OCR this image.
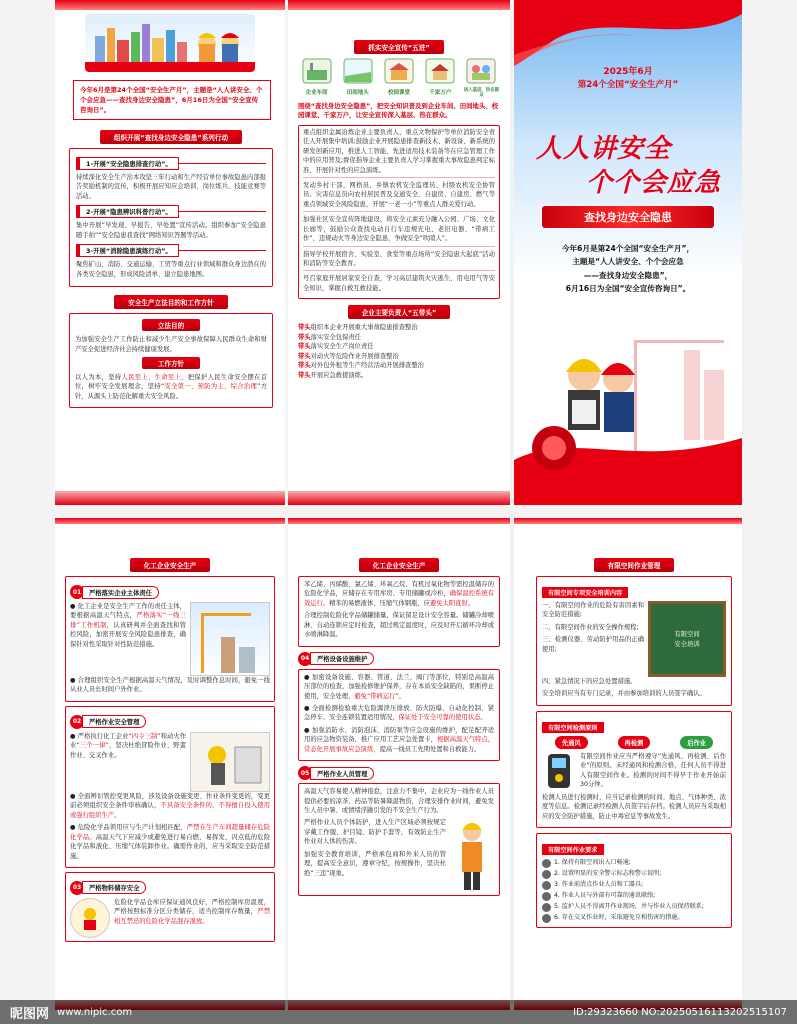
今年6月是第24个全国“安全生产月”，主题是“人人讲安全、个个会应急——查找身边安全隐患”，6月16日为全国“安全宣传咨询日”。
组织开展“查找身边安全隐患”系列行动
1-开展“安全隐患排查行动”。
持续深化安全生产治本攻坚三年行动和生产经营单位事故隐患内部报告奖励机制的宣传，积极开展应知应会培训、岗位练兵、技能竞赛等活动。
2-开展“隐患辨识科普行动”。
集中开展“早发现、早报告、早处置”宣传活动。组织参加“安全隐患随手拍”“安全隐患我查找”网络知识答题等活动。
3-开展“消除隐患演练行动”。
聚焦矿山、消防、交通运输、工贸等重点行业领域和群众身边潜在的各类安全隐患，形成风险清单、建立隐患地图。
安全生产立法目的和工作方针
立法目的
为加强安全生产工作防止和减少生产安全事故保障人民群众生命和财产安全促进经济社会持续健康发展。
工作方针
以人为本，坚持人民至上、生命至上，把保护人民生命安全摆在首位，树牢安全发展理念，坚持“安全第一、预防为主、综合治理”方针，从源头上防范化解重大安全风险。
抓实安全宣传“五进”
企业车间	田间地头	校园课堂	千家万户	进入基层、热在群众
围绕“查找身边安全隐患”，把安全知识普及到企业车间、田间地头、校园课堂、千家万户，让安全宣传深入基层、热在群众。
重点组织金属冶炼企业主要负责人、重点文物保护等单位消防安全责任人开展集中培训;鼓励企业开展隐患排查新技术、新设备、新系统的研发创新应用，推进人工智能、先进适用技术装备等在应急管理工作中的应用普及;督促指导企业主要负责人学习掌握重大事故隐患判定标准，开展针对性的应急演练。
发动乡村干部、网格员、乡镇农机安全监理员、村级农机安全协管员、灾害信息员向农村居民普及交通安全、自建房、自建房、燃气等重点领域安全风险隐患，开展“一老一小”等重点人群关爱行动。
加强社区安全宣传阵地建设，将安全元素充分融入公园、广场、文化长廊等，鼓励公众查找电动自行车违规充电、老旧电器、“带病工作”、违规动火等身边安全隐患，争做安全“吹哨人”。
指导学校开展宿舍、实验室、食堂等重点场所“安全隐患大起底”活动和消防等安全教育。
号召家庭开展居家安全自查，学习高层建筑火灾逃生、用电用气等安全知识，掌握自救互救技能。
企业主要负责人“五带头”
带头组织本企业开展重大事故隐患排查整治
带头落实安全包保责任
带头落实安全生产岗位责任
带头对动火等危险作业开展排查整治
带头对外包外租等生产经营活动开展排查整治
带头开展应急救援演练。
2025年6月
第24个全国“安全生产月”
人人讲安全
个个会应急
查找身边安全隐患
今年6月是第24个全国“安全生产月”，
主题是“人人讲安全、个个会应急
——查找身边安全隐患”，
6月16日为全国“安全宣传咨询日”。
化工企业安全生产
01	严格落实企业主体责任
● 化工企业是安全生产工作的责任主体，要根据高温天气特点，严格落实“一线三排”工作机制，认真研判并全面查找和管控风险，加密开展安全风险隐患排查，确保针对性采取针对性防范措施。
● 合理组织安全生产根据高温天气情况，及时调整作息时间，避免一线从业人员长时间户外作业。
02	严格作业安全管理
● 严格执行化工企业“四令三制”和动火作业“三个一律”，坚决杜绝冒险作业、野蛮作业、交叉作业。
● 全面辨识管控变更风险，涉及设备设施变更、作业条件变更的，变更前必须组织安全条件审核确认，不具备安全条件的，不得擅自投入使用或强行组织生产。
● 危险化学品领用应与生产计划相匹配，严禁在生产车间超量储存危险化学品。高温天气下应减少或避免进行易自燃、易挥发、闪点低的危险化学品和液化、压缩气体装卸作业。确需作业的，应当采取安全防范措施。
03	严格物料储存安全
危险化学品仓库应保证通风良好，严格控制库房温度，严格按照标准分区分类储存，适当控制库存数量，严禁相互禁忌的危险化学品混存混放。
化工企业安全生产
苯乙烯、丙烯酸、氯乙烯、环氧乙烷、有机过氧化物等需控温储存的危险化学品，应储存在专用库房、专用储罐或冷柜，确保温控系统有效运行。精苯的易燃液体、压缩气体钢瓶，应避免太阳直射。
合理控制危险化学品储罐储量，保证留足设计安全容量。储罐冷却喷淋、自动连锁应定时检查，超过规定温度时，应及时开启循环冷却或水喷淋降温。
04	严格设备设施维护
● 加密设备设施、容器、管道、法兰、阀门等部位，特别是高温高压部位的检查，加强检修维护保养，存在本质安全缺陷的，果断停止使用，安全处理，避免“带病运行”。
● 全面检测检验重大危险源泄压排放、防火防爆、自动化控制、紧急停车、安全连锁装置适用情况，保证处于安全可靠的使用状态。
● 加强消防水、消防泡沫、消防泵等应急设施的维护，配足配齐适用的应急物资装备，推广应用工艺应急处置卡，根据高温天气特点，常态化开展事故应急演练，提高一线员工先期处置和自救能力。
05	严格作业人员管理
高温天气容易使人精神倦怠，注意力不集中，企业应为一线作业人员提供必要的凉茶、药品等防暑降温物资，合理安排作业时间，避免发生人员中暑、或情绪浮躁引发的不安全生产行为。
严格作业人员个体防护，进入生产区域必须按规定穿戴工作服、护目镜、防护手套等，有效防止生产作业对人体的伤害。
加强安全教育培训，严格承包商和外来人员的管理，提高安全意识，遵章守纪，按规操作，坚决杜绝“三违”现象。
有限空间作业管理
有限空间专项安全培训内容
一、有限空间作业的危险有害因素和安全防范措施;
二、有限空间作业的安全操作规程;
三、检测仪器、劳动防护用品的正确使用;
有限空间
安全培训
四、紧急情况下的应急处置措施。
安全培训应当有专门记录，并由参加培训的人员签字确认。
有限空间检测原则
先通风	再检测	后作业
有限空间作业应当严格遵守“先通风、再检测、后作业”的原则。未经通风和检测合格，任何人员不得进入有限空间作业。检测的时间不得早于作业开始前30分钟。
检测人员进行检测时，应当记录检测的时间、地点、气体种类、浓度等信息。检测记录经检测人员签字后存档。检测人员应当采取相应的安全防护措施，防止中毒窒息等事故发生。
有限空间作业要求
1. 保持有限空间出入口畅通;
2. 设置明显的安全警示标志和警示说明;
3. 作业前清点作业人员和工器具;
4. 作业人员与外部有可靠的通讯联络;
5. 监护人员不得离开作业现场，并与作业人员保持联系;
6. 存在交叉作业时，采取避免互相伤害的措施。
昵图网 www.nipic.com	ID:29323660 NO:20250516113202515107
